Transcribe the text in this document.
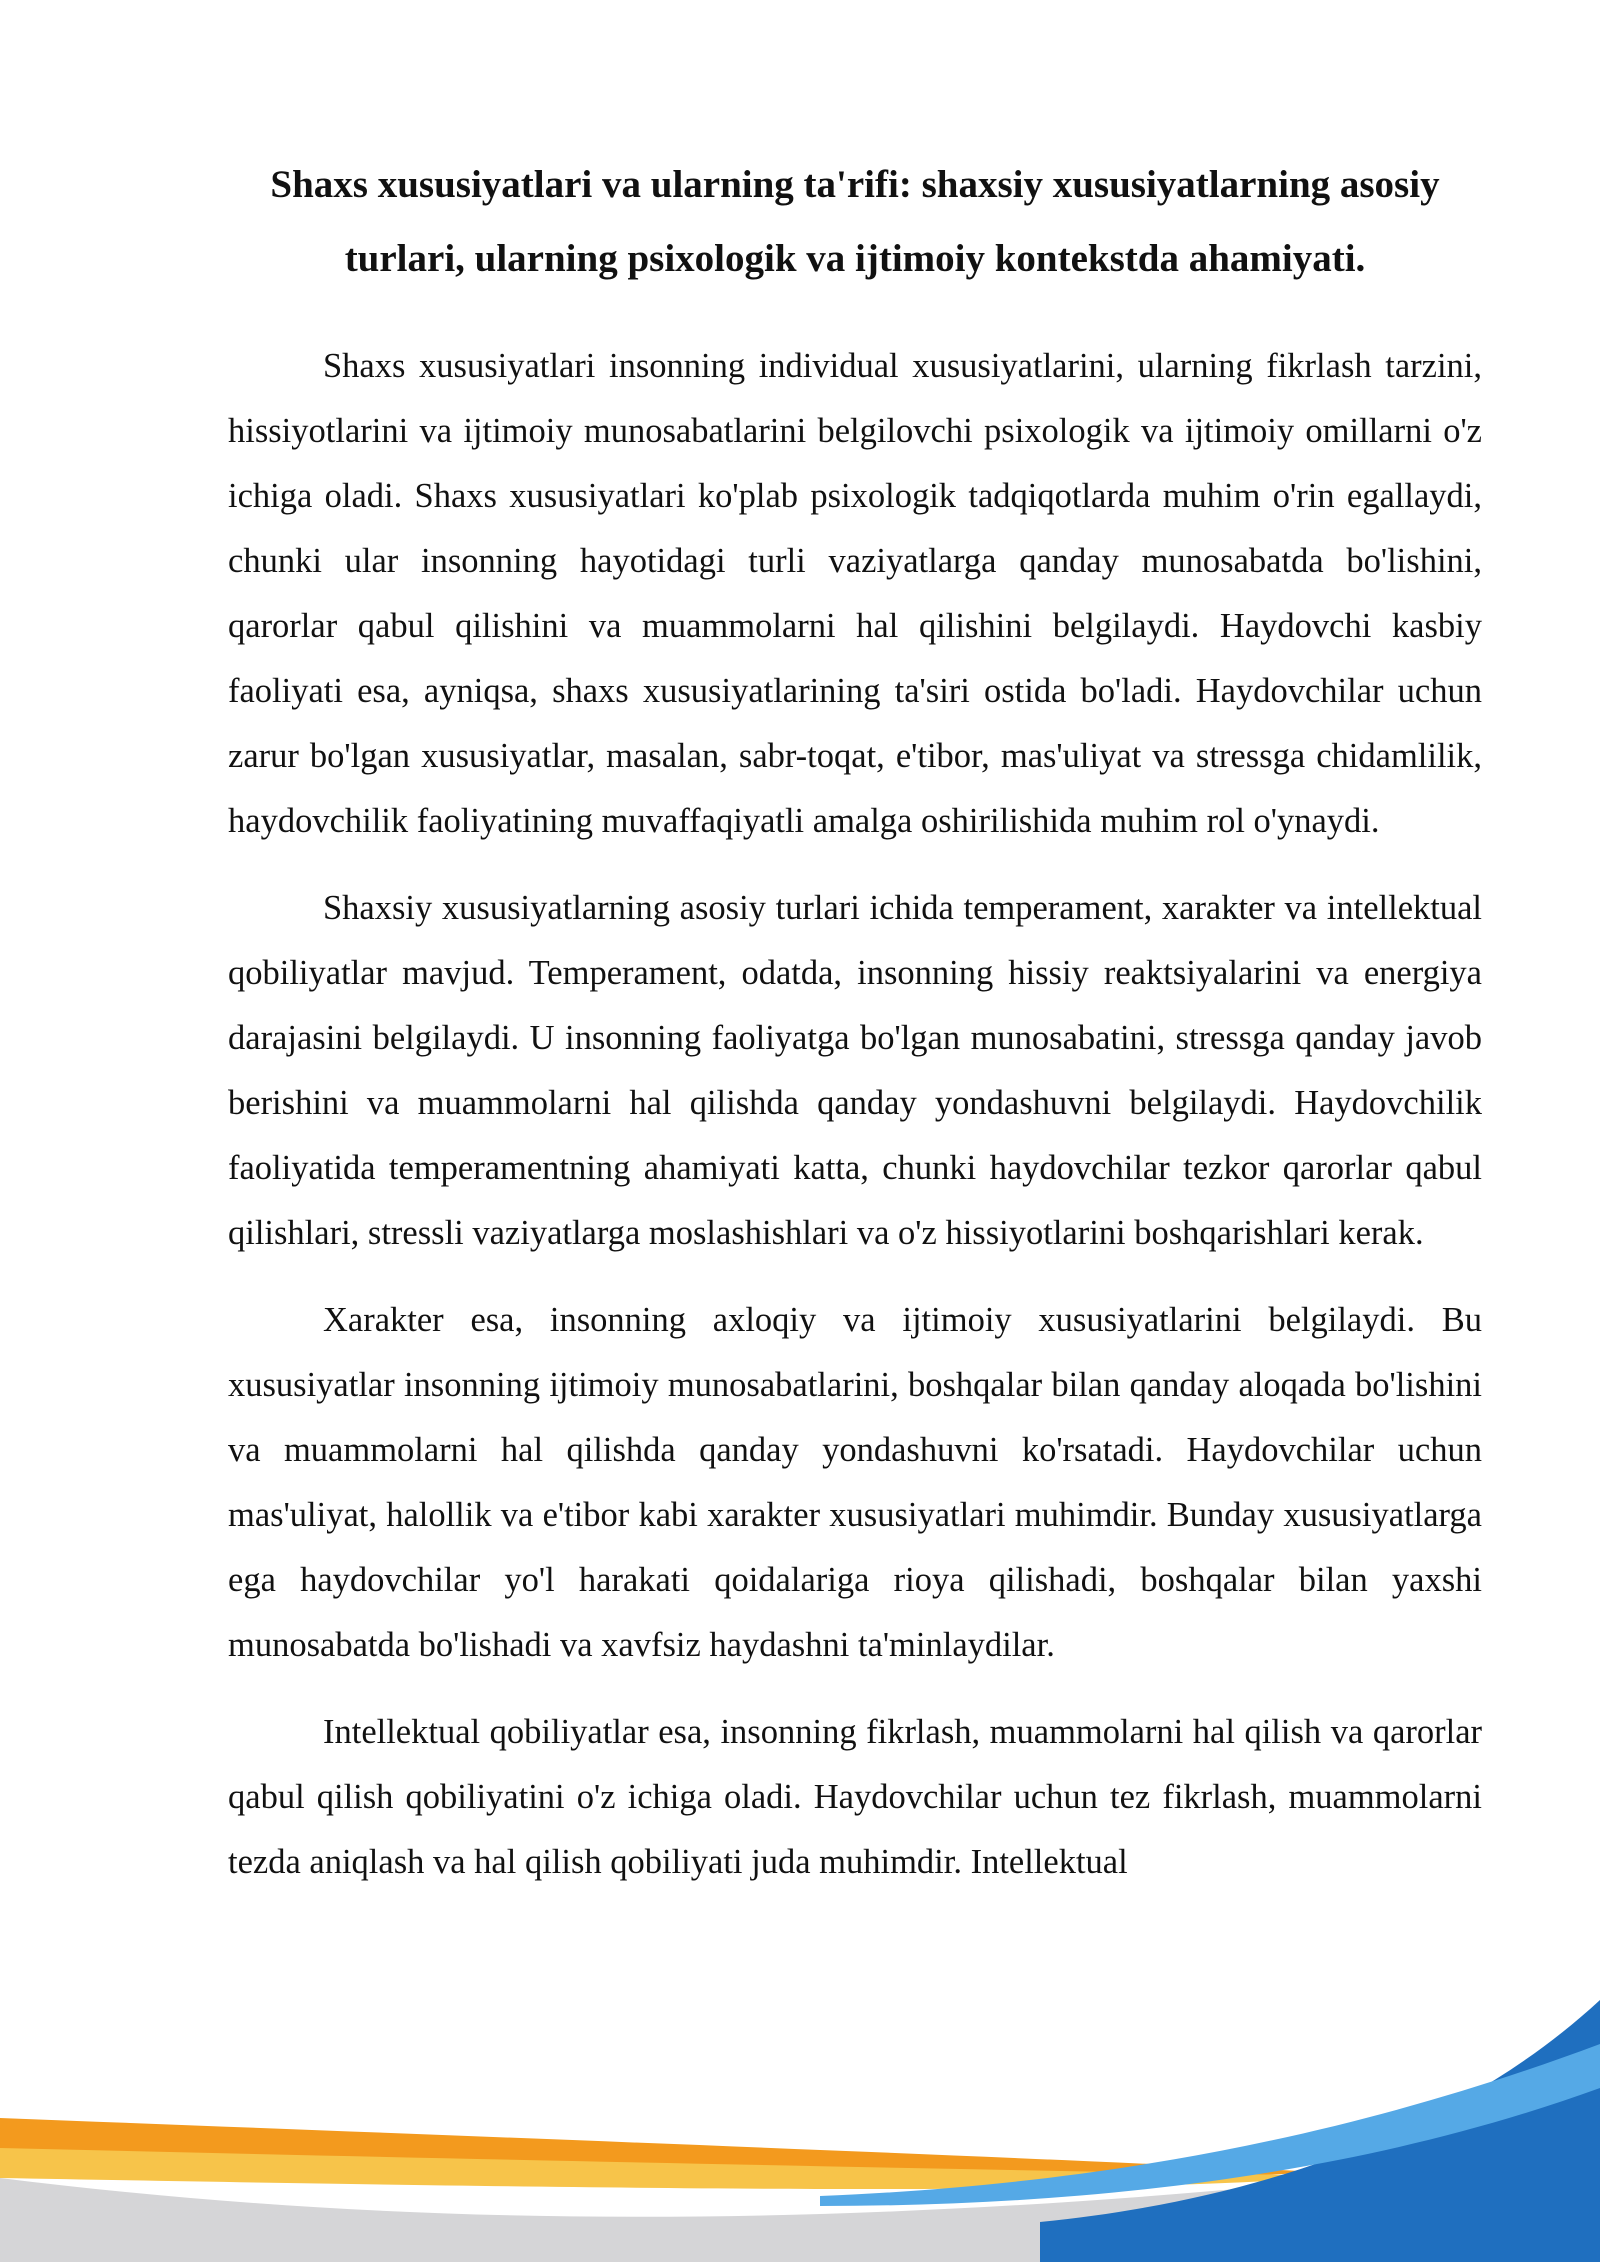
Shaxs xususiyatlari va ularning ta'rifi: shaxsiy xususiyatlarning asosiy turlari, ularning psixologik va ijtimoiy kontekstda ahamiyati.

Shaxs xususiyatlari insonning individual xususiyatlarini, ularning fikrlash tarzini, hissiyotlarini va ijtimoiy munosabatlarini belgilovchi psixologik va ijtimoiy omillarni o'z ichiga oladi. Shaxs xususiyatlari ko'plab psixologik tadqiqotlarda muhim o'rin egallaydi, chunki ular insonning hayotidagi turli vaziyatlarga qanday munosabatda bo'lishini, qarorlar qabul qilishini va muammolarni hal qilishini belgilaydi. Haydovchi kasbiy faoliyati esa, ayniqsa, shaxs xususiyatlarining ta'siri ostida bo'ladi. Haydovchilar uchun zarur bo'lgan xususiyatlar, masalan, sabr-toqat, e'tibor, mas'uliyat va stressga chidamlilik, haydovchilik faoliyatining muvaffaqiyatli amalga oshirilishida muhim rol o'ynaydi.

Shaxsiy xususiyatlarning asosiy turlari ichida temperament, xarakter va intellektual qobiliyatlar mavjud. Temperament, odatda, insonning hissiy reaktsiyalarini va energiya darajasini belgilaydi. U insonning faoliyatga bo'lgan munosabatini, stressga qanday javob berishini va muammolarni hal qilishda qanday yondashuvni belgilaydi. Haydovchilik faoliyatida temperamentning ahamiyati katta, chunki haydovchilar tezkor qarorlar qabul qilishlari, stressli vaziyatlarga moslashishlari va o'z hissiyotlarini boshqarishlari kerak.

Xarakter esa, insonning axloqiy va ijtimoiy xususiyatlarini belgilaydi. Bu xususiyatlar insonning ijtimoiy munosabatlarini, boshqalar bilan qanday aloqada bo'lishini va muammolarni hal qilishda qanday yondashuvni ko'rsatadi. Haydovchilar uchun mas'uliyat, halollik va e'tibor kabi xarakter xususiyatlari muhimdir. Bunday xususiyatlarga ega haydovchilar yo'l harakati qoidalariga rioya qilishadi, boshqalar bilan yaxshi munosabatda bo'lishadi va xavfsiz haydashni ta'minlaydilar.

Intellektual qobiliyatlar esa, insonning fikrlash, muammolarni hal qilish va qarorlar qabul qilish qobiliyatini o'z ichiga oladi. Haydovchilar uchun tez fikrlash, muammolarni tezda aniqlash va hal qilish qobiliyati juda muhimdir. Intellektual
